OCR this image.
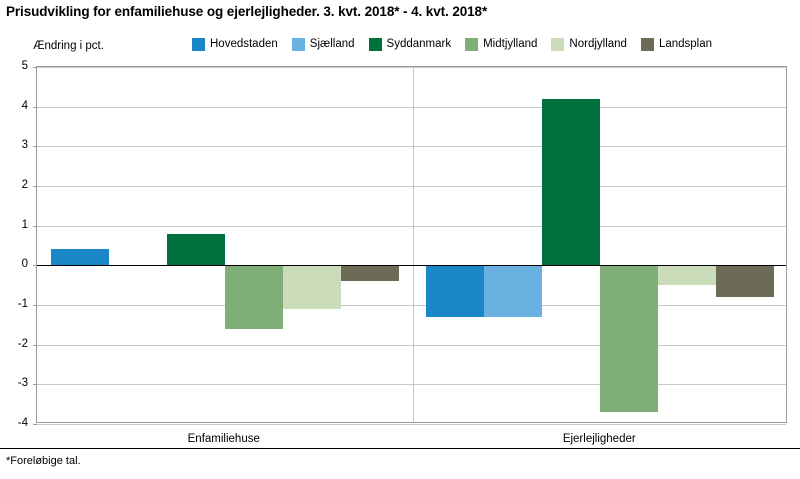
Prisudvikling for enfamiliehuse og ejerlejligheder. 3. kvt. 2018* - 4. kvt. 2018*
Ændring i pct.	Hovedstaden	Sjælland	Syddanmark	Midtjylland	Nordjylland	Landsplan
5
4
3
2
1
0
-1
-2
-3
-4
Enfamiliehuse	Ejerlejligheder
*Foreløbige tal.
